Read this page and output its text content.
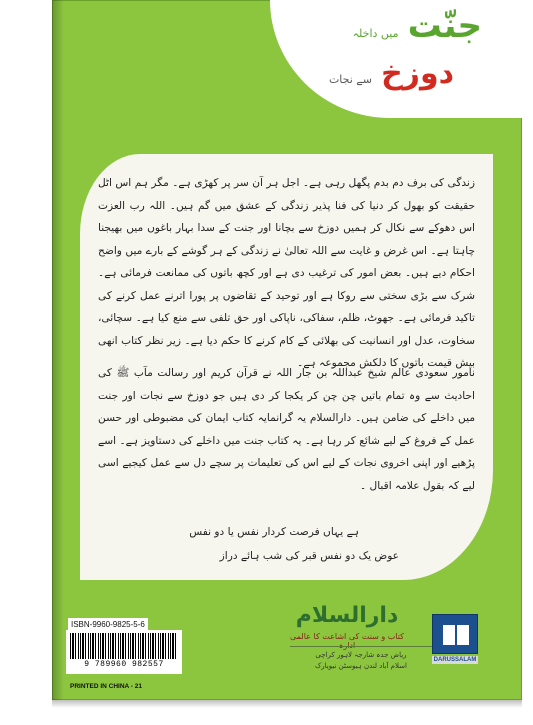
جنّت میں داخلہ
دوزخ سے نجات
زندگی کی برف دم بدم پگھل رہی ہے۔ اجل ہر آن سر پر کھڑی ہے۔ مگر ہم اس اٹل حقیقت کو بھول کر دنیا کی فنا پذیر زندگی کے عشق میں گم ہیں۔ اللہ رب العزت اس دھوکے سے نکال کر ہمیں دوزخ سے بچانا اور جنت کے سدا بہار باغوں میں بھیجنا چاہتا ہے۔ اس غرض و غایت سے اللہ تعالیٰ نے زندگی کے ہر گوشے کے بارے میں واضح احکام دیے ہیں۔ بعض امور کی ترغیب دی ہے اور کچھ باتوں کی ممانعت فرمائی ہے۔ شرک سے بڑی سختی سے روکا ہے اور توحید کے تقاضوں پر پورا اترنے عمل کرنے کی تاکید فرمائی ہے۔ جھوٹ، ظلم، سفاکی، ناپاکی اور حق تلفی سے منع کیا ہے۔ سچائی، سخاوت، عدل اور انسانیت کی بھلائی کے کام کرنے کا حکم دیا ہے۔ زیر نظر کتاب انھی بیش قیمت باتوں کا دلکش مجموعہ ہے۔
نامور سعودی عالم شیخ عبداللہ بن جار اللہ نے قرآن کریم اور رسالت مآب ﷺ کی احادیث سے وہ تمام باتیں چن چن کر یکجا کر دی ہیں جو دوزخ سے نجات اور جنت میں داخلے کی ضامن ہیں۔ دارالسلام یہ گرانمایہ کتاب ایمان کی مضبوطی اور حسن عمل کے فروغ کے لیے شائع کر رہا ہے۔ یہ کتاب جنت میں داخلے کی دستاویز ہے۔ اسے پڑھیے اور اپنی اخروی نجات کے لیے اس کی تعلیمات پر سچے دل سے عمل کیجیے اسی لیے کہ بقول علامہ اقبال ۔
ہے یہاں فرصت کردار نفس یا دو نفس
عوض یک دو نفس قبر کی شب ہائے دراز
ISBN-9960-9825-5-6
9 789960 982557
PRINTED IN CHINA - 21
دارالسلام
کتاب و سنت کی اشاعت کا عالمی
ریاض جدہ شارجہ لاہور کراچی
اسلام آباد لندن ہیوسٹن نیویارک
DARUSSALAM
